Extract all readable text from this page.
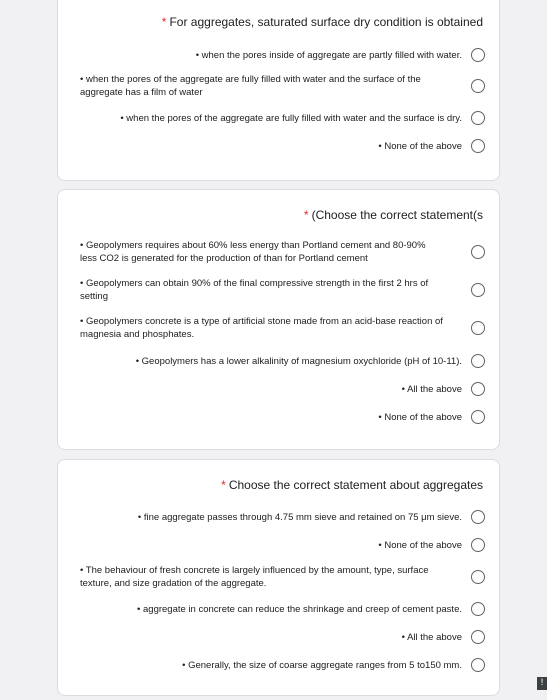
* For aggregates, saturated surface dry condition is obtained
• when the pores inside of aggregate are partly filled with water.
• when the pores of the aggregate are fully filled with water and the surface of the aggregate has a film of water
• when the pores of the aggregate are fully filled with water and the surface is dry.
• None of the above
* (Choose the correct statement(s
• Geopolymers requires about 60% less energy than Portland cement and 80-90% less CO2 is generated for the production of than for Portland cement
• Geopolymers can obtain 90% of the final compressive strength in the first 2 hrs of setting
• Geopolymers concrete is a type of artificial stone made from an acid-base reaction of magnesia and phosphates.
• Geopolymers has a lower alkalinity of magnesium oxychloride (pH of 10-11).
• All the above
• None of the above
* Choose the correct statement about aggregates
• fine aggregate passes through 4.75 mm sieve and retained on 75 μm sieve.
• None of the above
• The behaviour of fresh concrete is largely influenced by the amount, type, surface texture, and size gradation of the aggregate.
• aggregate in concrete can reduce the shrinkage and creep of cement paste.
• All the above
• Generally, the size of coarse aggregate ranges from 5 to150 mm.
!
